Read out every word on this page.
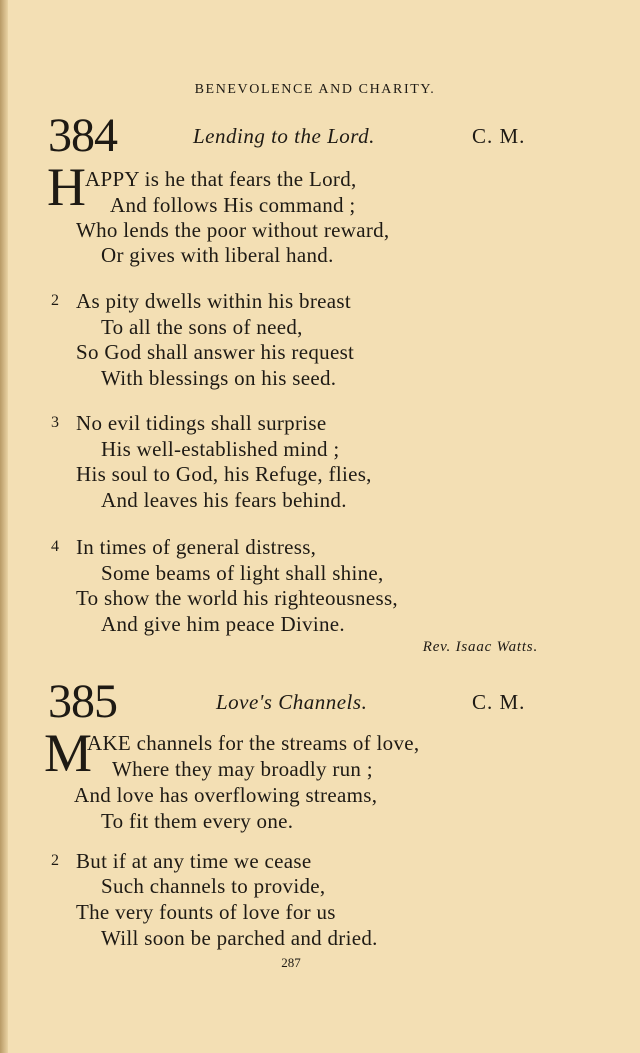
BENEVOLENCE AND CHARITY.
384	Lending to the Lord.	C. M.
H APPY is he that fears the Lord,
And follows His command ;
Who lends the poor without reward,
Or gives with liberal hand.
2 As pity dwells within his breast
To all the sons of need,
So God shall answer his request
With blessings on his seed.
3 No evil tidings shall surprise
His well-established mind ;
His soul to God, his Refuge, flies,
And leaves his fears behind.
4 In times of general distress,
Some beams of light shall shine,
To show the world his righteousness,
And give him peace Divine.
Rev. Isaac Watts.
385	Love's Channels.	C. M.
M
AKE channels for the streams of love,
Where they may broadly run ;
And love has overflowing streams,
To fit them every one.
2 But if at any time we cease
Such channels to provide,
The very founts of love for us
Will soon be parched and dried.
287
